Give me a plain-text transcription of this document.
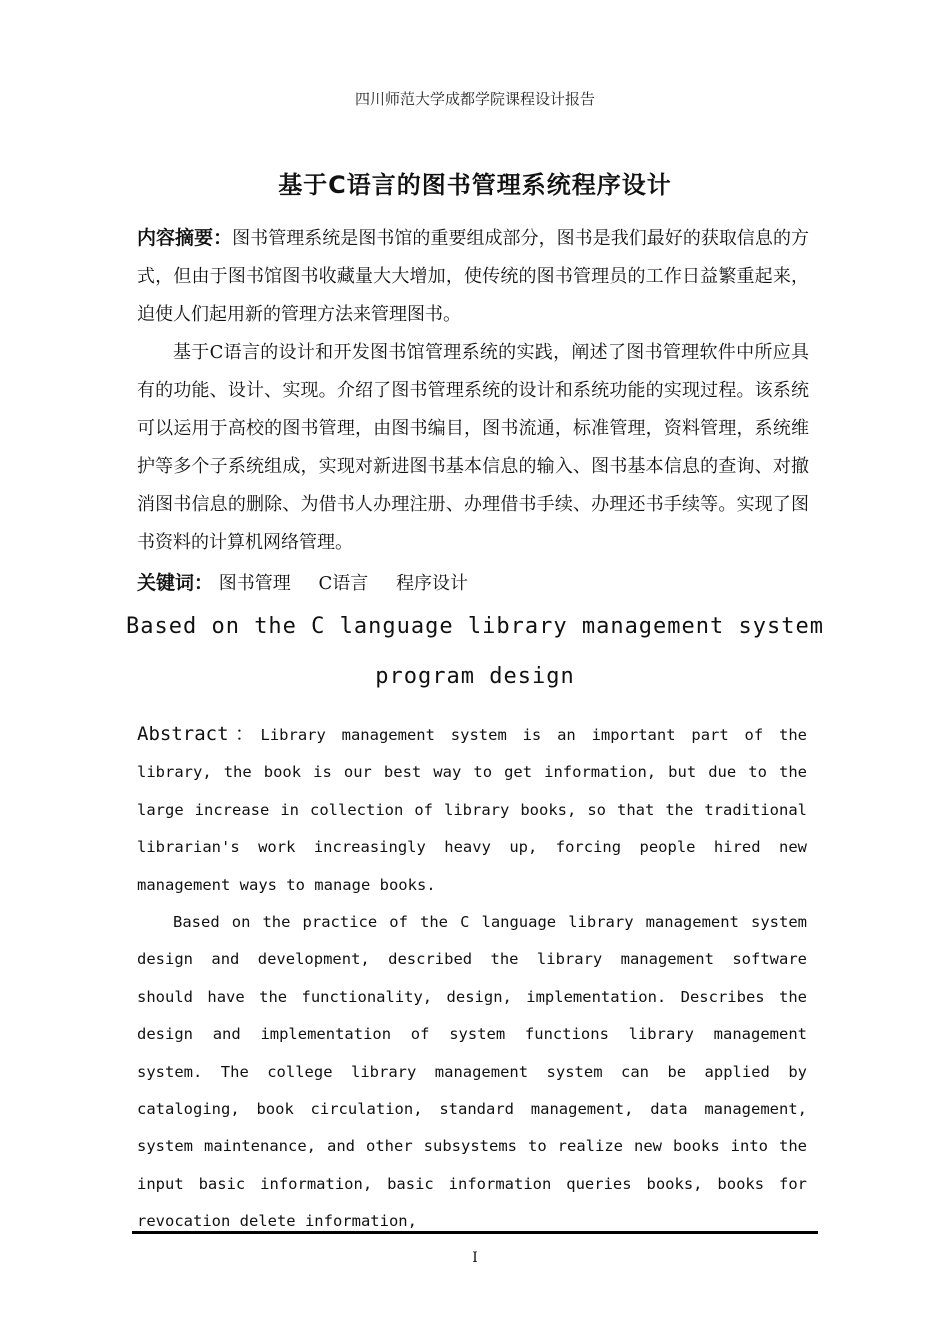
四川师范大学成都学院课程设计报告
基于C语言的图书管理系统程序设计
内容摘要：图书管理系统是图书馆的重要组成部分，图书是我们最好的获取信息的方式，但由于图书馆图书收藏量大大增加，使传统的图书管理员的工作日益繁重起来，迫使人们起用新的管理方法来管理图书。
基于C语言的设计和开发图书馆管理系统的实践，阐述了图书管理软件中所应具有的功能、设计、实现。介绍了图书管理系统的设计和系统功能的实现过程。该系统可以运用于高校的图书管理，由图书编目，图书流通，标准管理，资料管理，系统维护等多个子系统组成，实现对新进图书基本信息的输入、图书基本信息的查询、对撤消图书信息的删除、为借书人办理注册、办理借书手续、办理还书手续等。实现了图书资料的计算机网络管理。
关键词： 图书管理 C语言 程序设计
Based on the C language library management system
program design
Abstract：Library management system is an important part of the library, the book is our best way to get information, but due to the large increase in collection of library books, so that the traditional librarian's work increasingly heavy up, forcing people hired new management ways to manage books.
Based on the practice of the C language library management system design and development, described the library management software should have the functionality, design, implementation. Describes the design and implementation of system functions library management system. The college library management system can be applied by cataloging, book circulation, standard management, data management, system maintenance, and other subsystems to realize new books into the input basic information, basic information queries books, books for revocation delete information,
I
